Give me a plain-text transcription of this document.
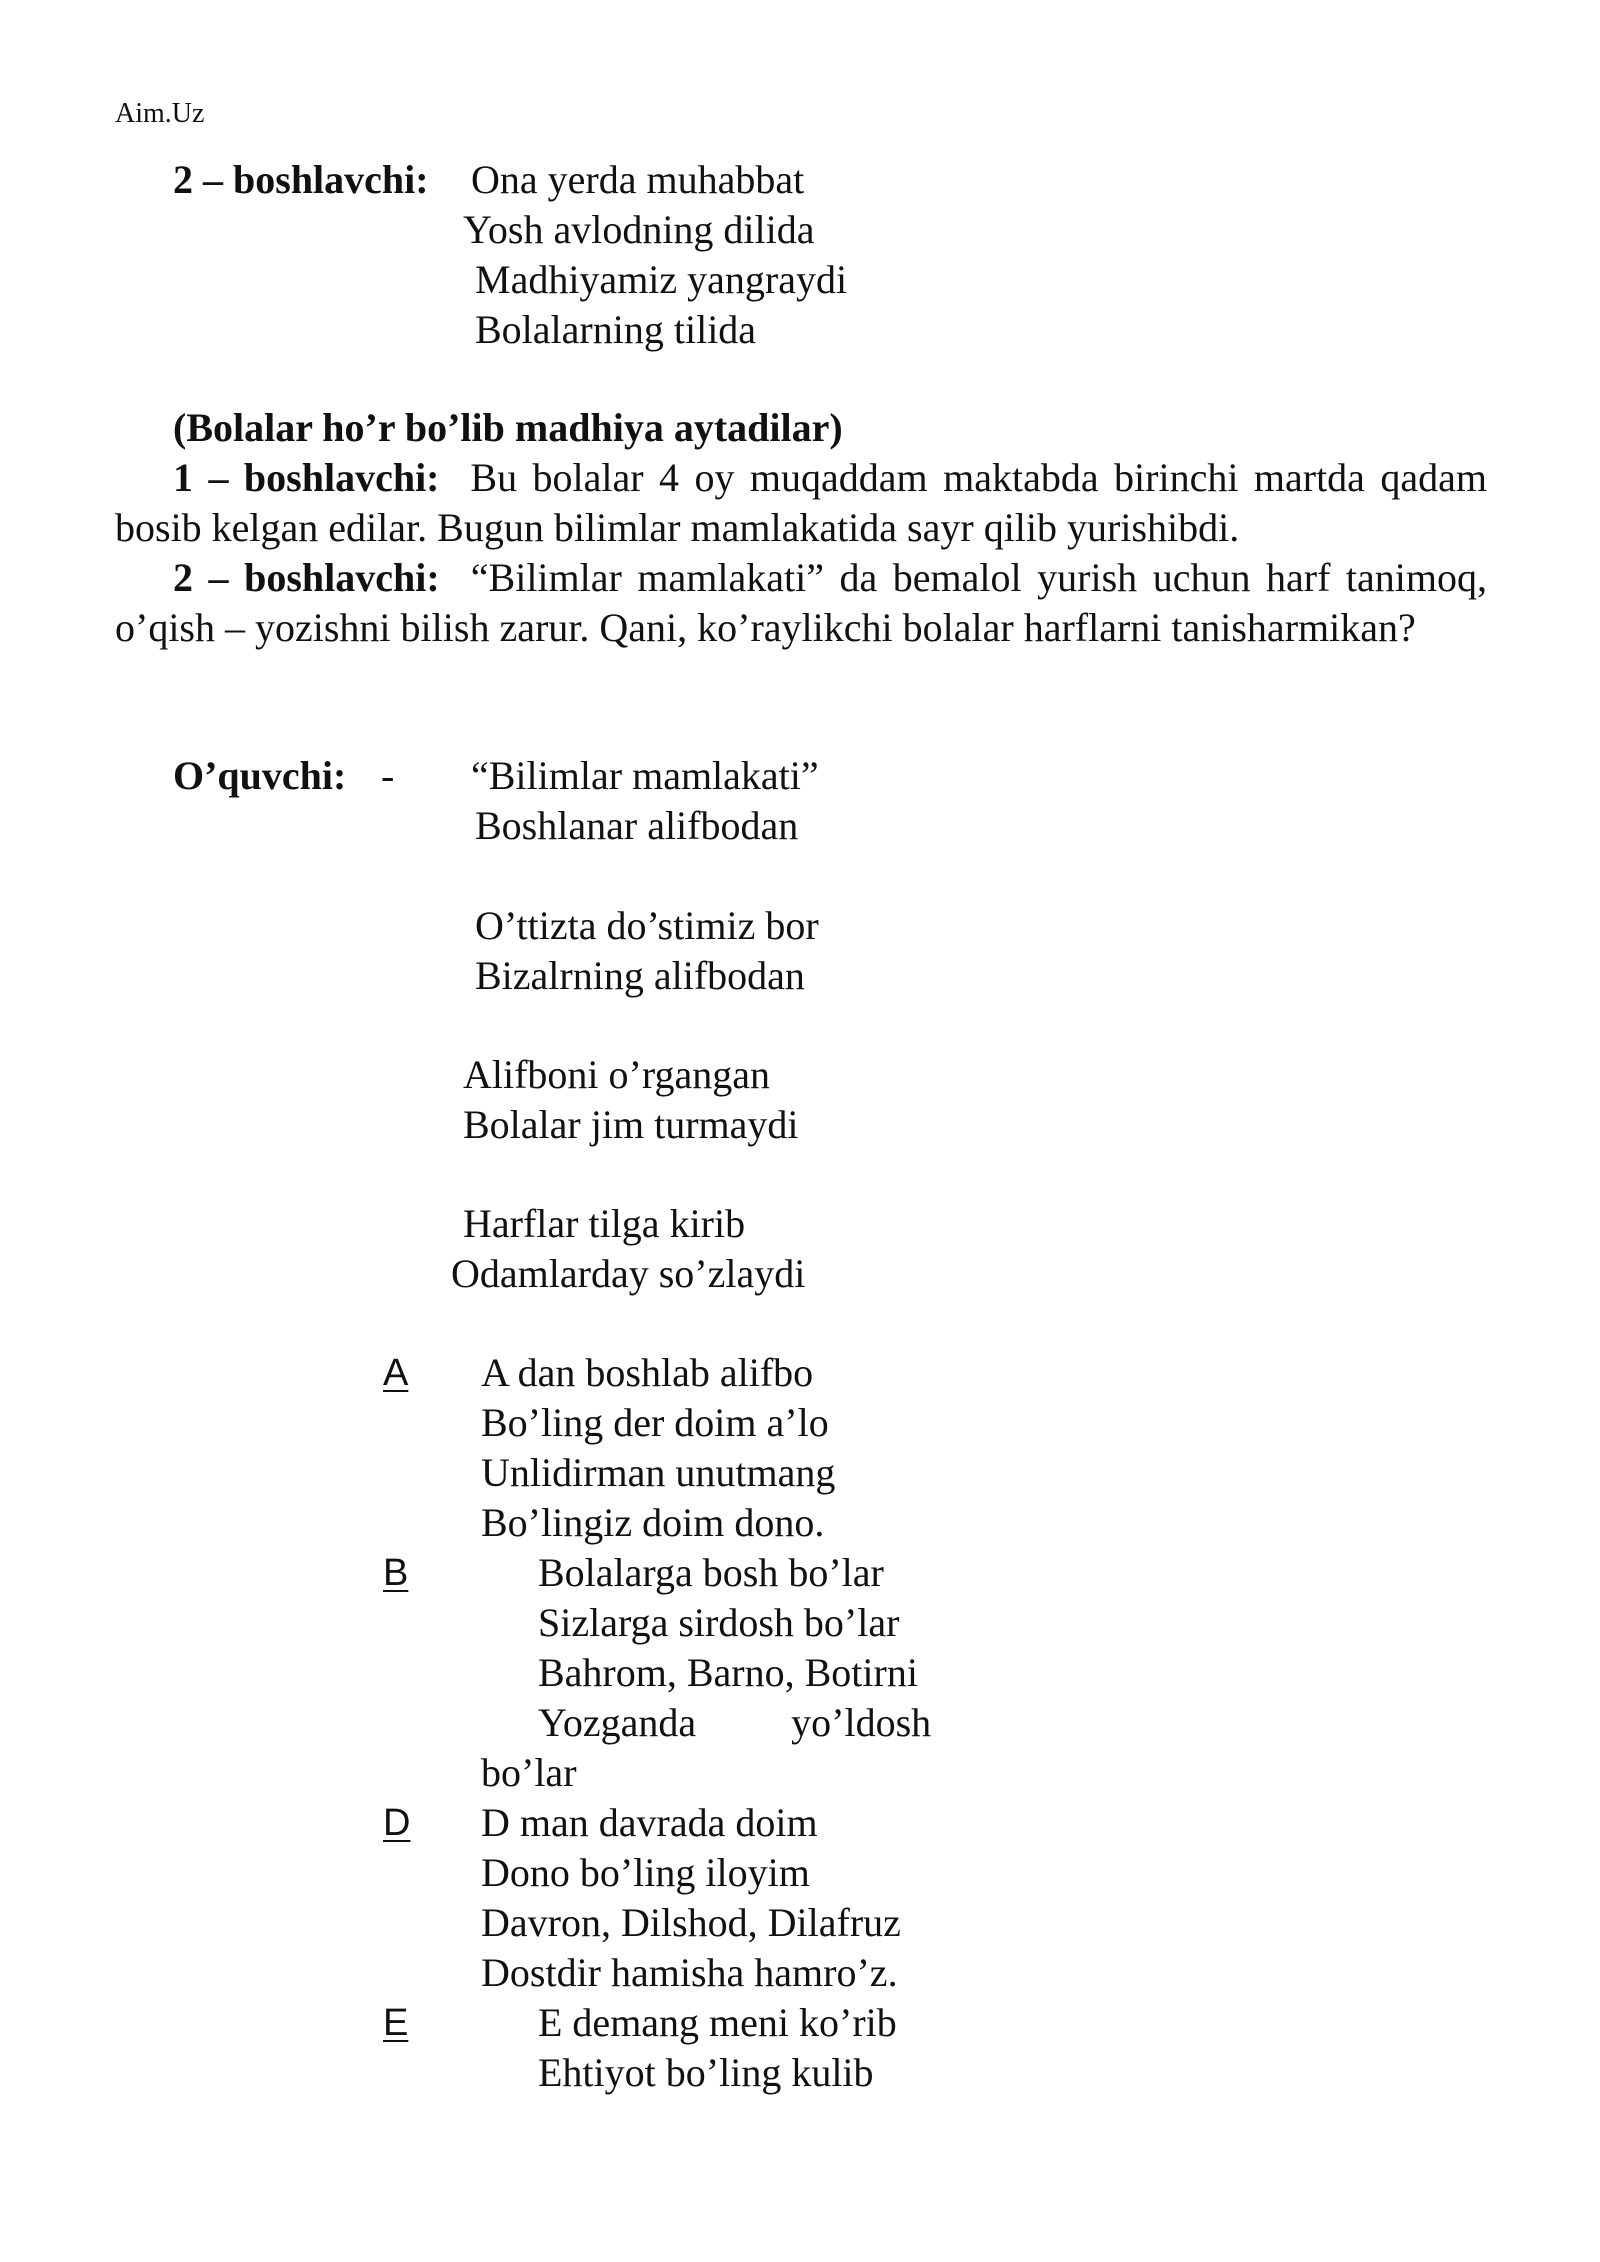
Aim.Uz
2 – boshlavchi: Ona yerda muhabbat
Yosh avlodning dilida
Madhiyamiz yangraydi
Bolalarning tilida
(Bolalar ho’r bo’lib madhiya aytadilar)
1 – boshlavchi: Bu bolalar 4 oy muqaddam maktabda birinchi martda qadam bosib kelgan edilar. Bugun bilimlar mamlakatida sayr qilib yurishibdi.
2 – boshlavchi: “Bilimlar mamlakati” da bemalol yurish uchun harf tanimoq, o’qish – yozishni bilish zarur. Qani, ko’raylikchi bolalar harflarni tanisharmikan?
O’quvchi: - “Bilimlar mamlakati”
Boshlanar alifbodan
O’ttizta do’stimiz bor
Bizalrning alifbodan
Alifboni o’rgangan
Bolalar jim turmaydi
Harflar tilga kirib
Odamlarday so’zlaydi
A A dan boshlab alifbo
Bo’ling der doim a’lo
Unlidirman unutmang
Bo’lingiz doim dono.
B	Bolalarga bosh bo’lar
Sizlarga sirdosh bo’lar
Bahrom, Barno, Botirni
Yozganda yo’ldosh
bo’lar
D D man davrada doim
Dono bo’ling iloyim
Davron, Dilshod, Dilafruz
Dostdir hamisha hamro’z.
E	E demang meni ko’rib
Ehtiyot bo’ling kulib
